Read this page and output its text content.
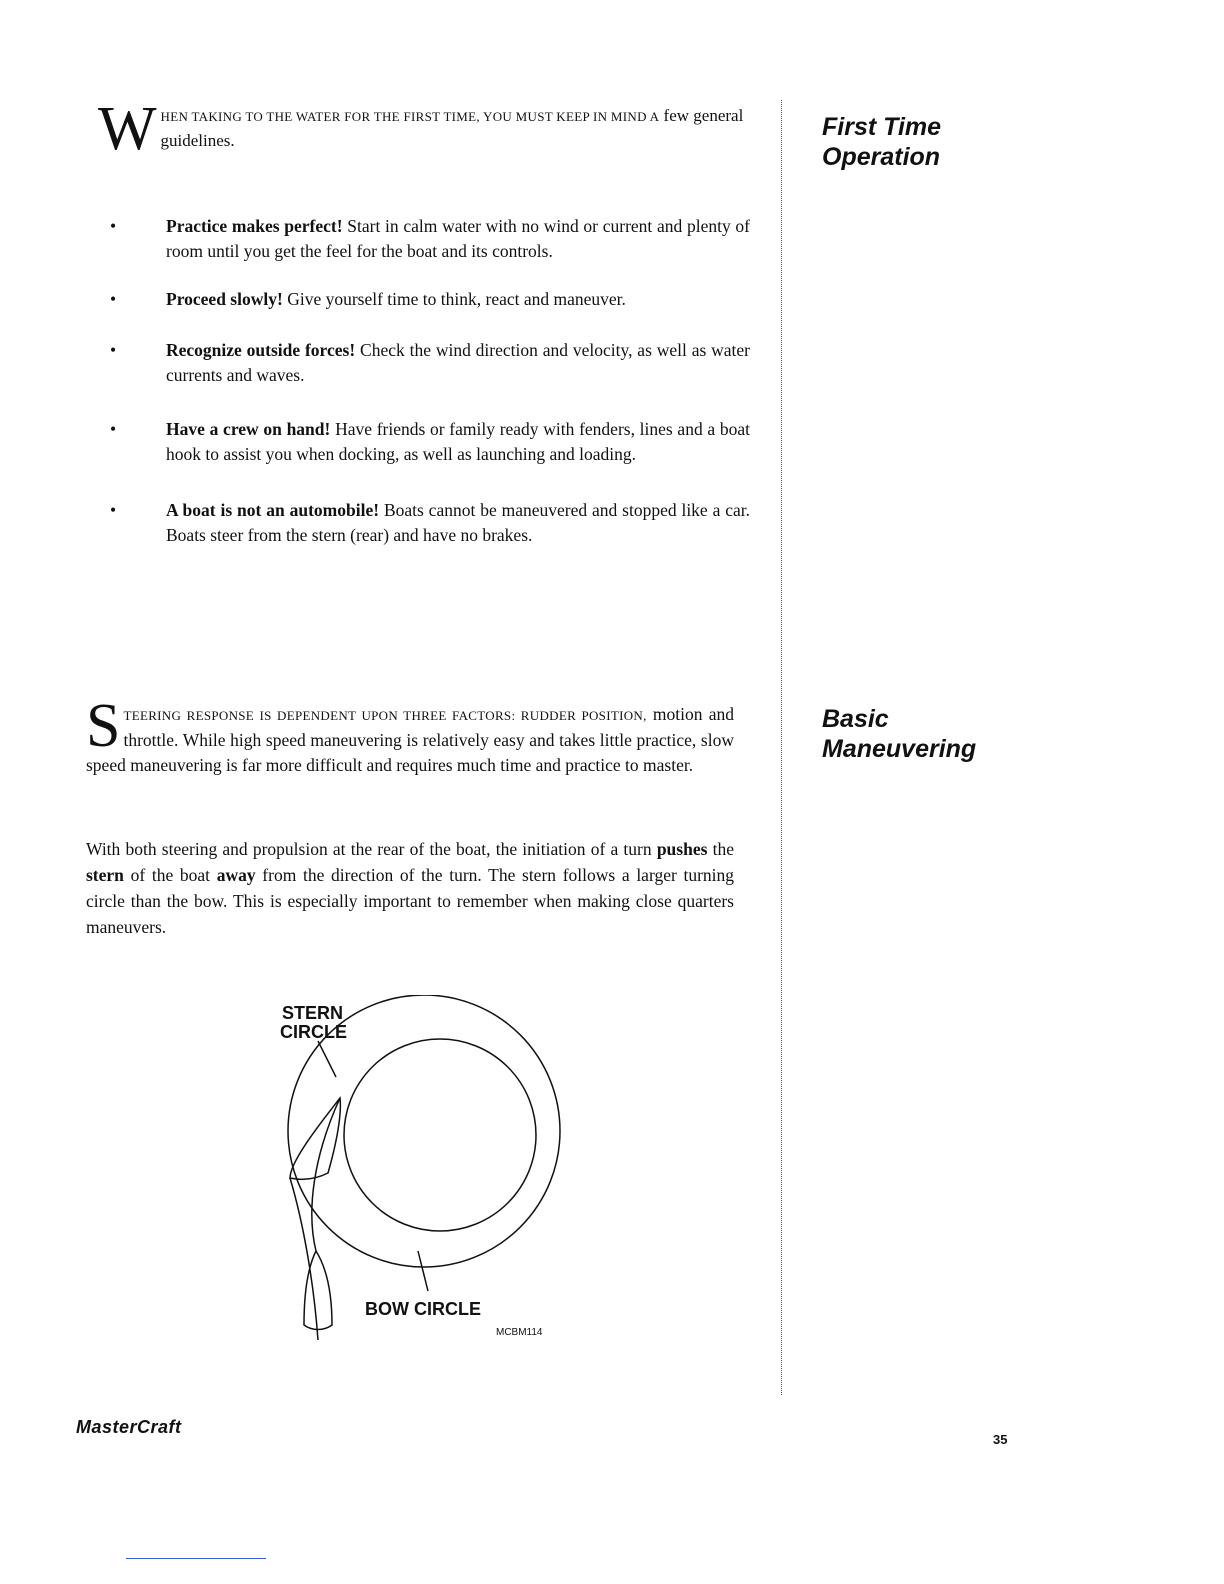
W HEN TAKING TO THE WATER FOR THE FIRST TIME, YOU MUST KEEP IN MIND A few general guidelines.
•	Practice makes perfect! Start in calm water with no wind or current and plenty of room until you get the feel for the boat and its controls.
•	Proceed slowly! Give yourself time to think, react and maneuver.
•	Recognize outside forces! Check the wind direction and velocity, as well as water currents and waves.
•	Have a crew on hand! Have friends or family ready with fenders, lines and a boat hook to assist you when docking, as well as launching and loading.
•	A boat is not an automobile! Boats cannot be maneuvered and stopped like a car. Boats steer from the stern (rear) and have no brakes.
S TEERING RESPONSE IS DEPENDENT UPON THREE FACTORS: RUDDER POSITION, motion and throttle. While high speed maneuvering is relatively easy and takes little practice, slow speed maneuvering is far more difficult and requires much time and practice to master.
With both steering and propulsion at the rear of the boat, the initiation of a turn pushes the stern of the boat away from the direction of the turn. The stern follows a larger turning circle than the bow. This is especially important to remember when making close quarters maneuvers.
First Time
Operation
Basic
Maneuvering
STERN
CIRCLE
BOW CIRCLE
MCBM114
MasterCraft
35
